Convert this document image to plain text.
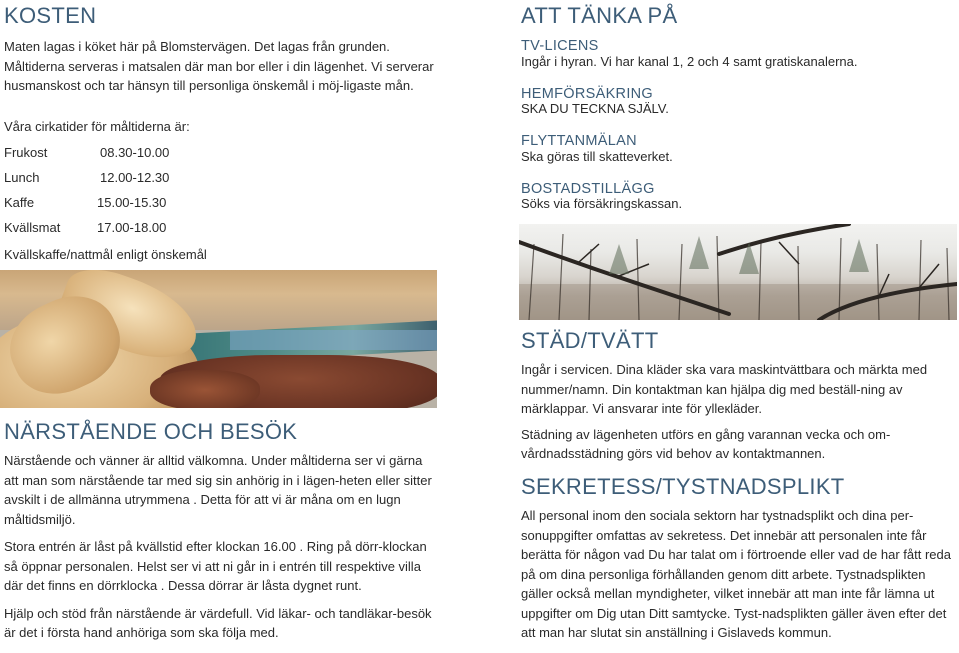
KOSTEN

Maten lagas i köket här på Blomstervägen. Det lagas från grunden. Måltiderna serveras i matsalen där man bor eller i din lägenhet. Vi serverar husmanskost och tar hänsyn till personliga önskemål i möj-ligaste mån.

Våra cirkatider för måltiderna är:

Frukost	08.30-10.00
Lunch	12.00-12.30
Kaffe	15.00-15.30
Kvällsmat	17.00-18.00

Kvällskaffe/nattmål enligt önskemål

NÄRSTÅENDE OCH BESÖK

Närstående och vänner är alltid välkomna. Under måltiderna ser vi gärna att man som närstående tar med sig sin anhörig in i lägen-heten eller sitter avskilt i de allmänna utrymmena . Detta för att vi är måna om en lugn måltidsmiljö.

Stora entrén är låst på kvällstid efter klockan 16.00 . Ring på dörr-klockan så öppnar personalen. Helst ser vi att ni går in i entrén till respektive villa där det finns en dörrklocka . Dessa dörrar är låsta dygnet runt.

Hjälp och stöd från närstående är värdefull. Vid läkar- och tandläkar-besök är det i första hand anhöriga som ska följa med.

ATT TÄNKA PÅ

TV-LICENS

Ingår i hyran. Vi har kanal 1, 2 och 4 samt gratiskanalerna.

HEMFÖRSÄKRING

SKA DU TECKNA SJÄLV.

FLYTTANMÄLAN

Ska göras till skatteverket.

BOSTADSTILLÄGG

Söks via försäkringskassan.

STÄD/TVÄTT

Ingår i servicen. Dina kläder ska vara maskintvättbara och märkta med nummer/namn. Din kontaktman kan hjälpa dig med beställ-ning av märklappar. Vi ansvarar inte för ylleкläder.

Städning av lägenheten utförs en gång varannan vecka och om-vårdnadsstädning görs vid behov av kontaktmannen.

SEKRETESS/TYSTNADSPLIKT

All personal inom den sociala sektorn har tystnadsplikt och dina per-sonuppgifter omfattas av sekretess. Det innebär att personalen inte får berätta för någon vad Du har talat om i förtroende eller vad de har fått reda på om dina personliga förhållanden genom ditt arbete. Tystnadsplikten gäller också mellan myndigheter, vilket innebär att man inte får lämna ut uppgifter om Dig utan Ditt samtycke. Tyst-nadsplikten gäller även efter det att man har slutat sin anställning i Gislaveds kommun.
